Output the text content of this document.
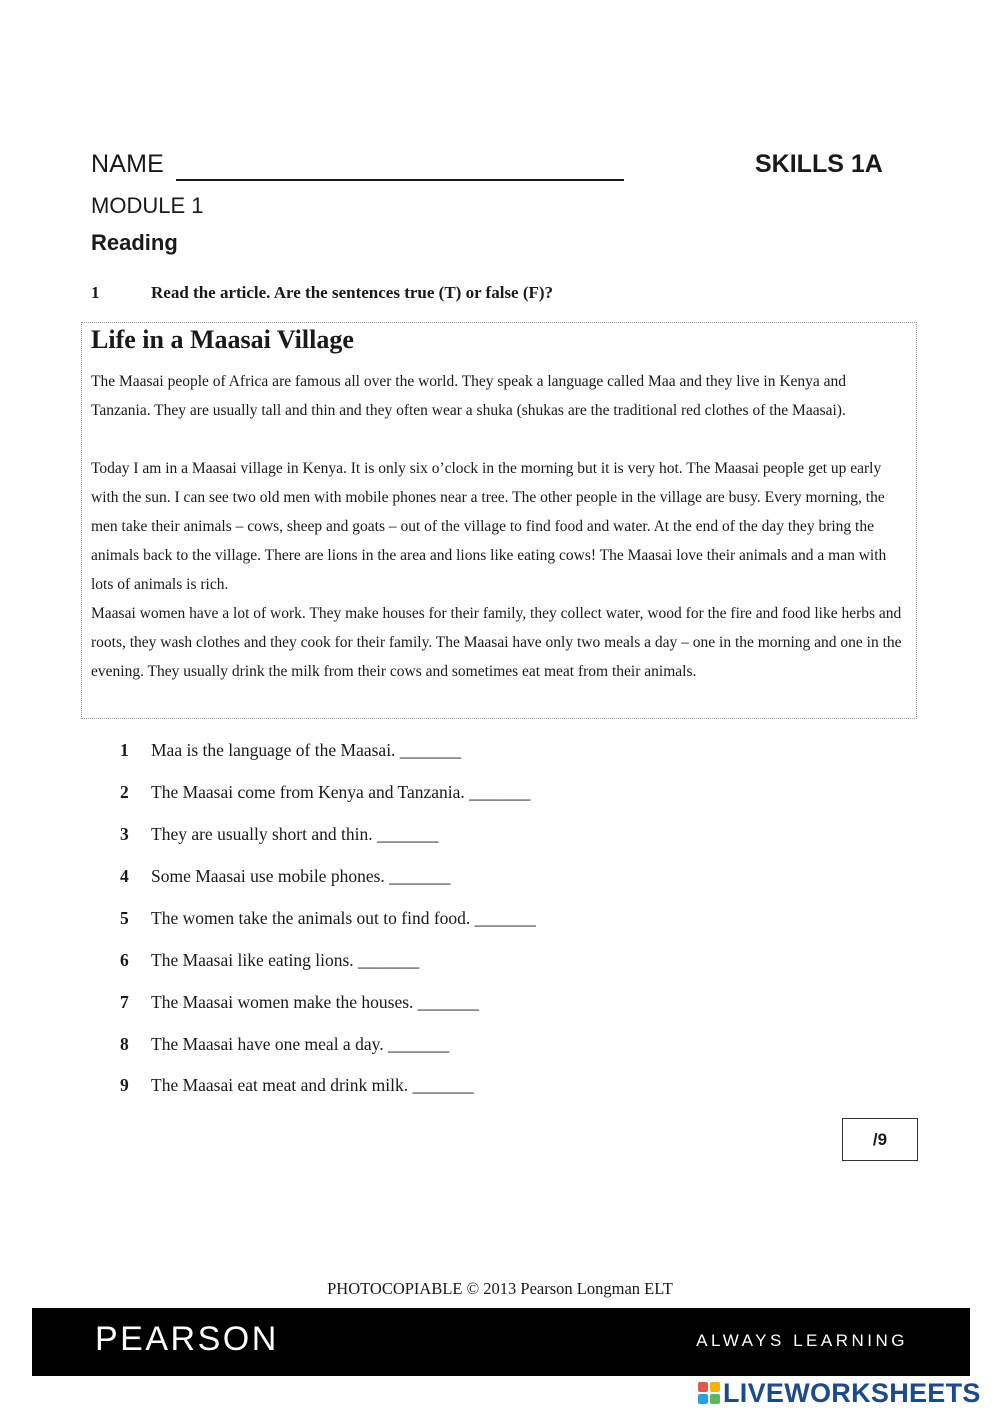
NAME	SKILLS 1A
MODULE 1
Reading
1	Read the article. Are the sentences true (T) or false (F)?
Life in a Maasai Village

The Maasai people of Africa are famous all over the world. They speak a language called Maa and they live in Kenya and Tanzania. They are usually tall and thin and they often wear a shuka (shukas are the traditional red clothes of the Maasai).

Today I am in a Maasai village in Kenya. It is only six o’clock in the morning but it is very hot. The Maasai people get up early with the sun. I can see two old men with mobile phones near a tree. The other people in the village are busy. Every morning, the men take their animals – cows, sheep and goats – out of the village to find food and water. At the end of the day they bring the animals back to the village. There are lions in the area and lions like eating cows! The Maasai love their animals and a man with lots of animals is rich.

Maasai women have a lot of work. They make houses for their family, they collect water, wood for the fire and food like herbs and roots, they wash clothes and they cook for their family. The Maasai have only two meals a day – one in the morning and one in the evening. They usually drink the milk from their cows and sometimes eat meat from their animals.

1 Maa is the language of the Maasai. _______
2 The Maasai come from Kenya and Tanzania. _______
3 They are usually short and thin. _______
4 Some Maasai use mobile phones. _______
5 The women take the animals out to find food. _______
6 The Maasai like eating lions. _______
7 The Maasai women make the houses. _______
8 The Maasai have one meal a day. _______
9 The Maasai eat meat and drink milk. _______
/9
PHOTOCOPIABLE © 2013 Pearson Longman ELT
PEARSON	ALWAYS LEARNING
LIVEWORKSHEETS
